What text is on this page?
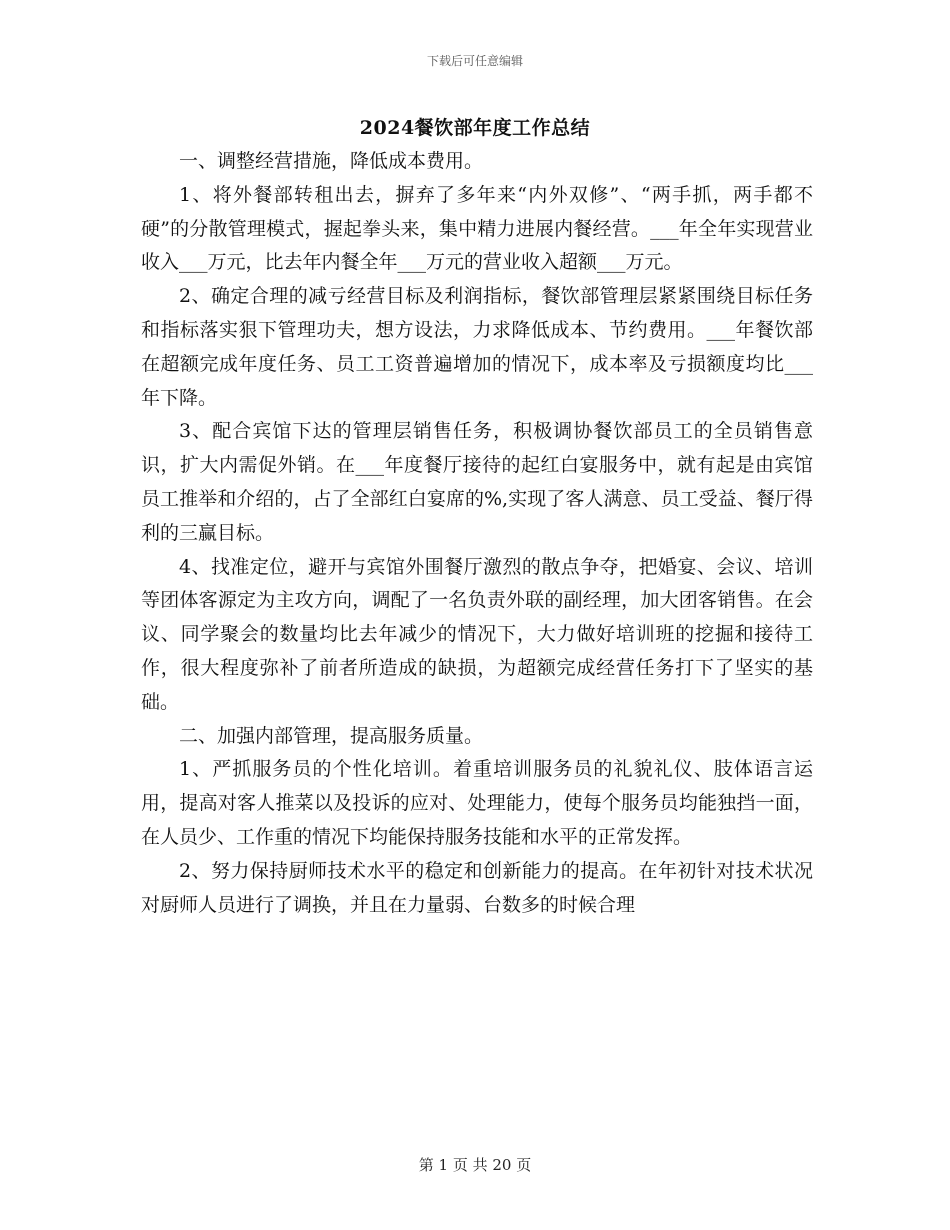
下载后可任意编辑
2024餐饮部年度工作总结

一、调整经营措施，降低成本费用。

1、将外餐部转租出去，摒弃了多年来“内外双修”、“两手抓，两手都不硬”的分散管理模式，握起拳头来，集中精力进展内餐经营。___年全年实现营业收入___万元，比去年内餐全年___万元的营业收入超额___万元。

2、确定合理的减亏经营目标及利润指标，餐饮部管理层紧紧围绕目标任务和指标落实狠下管理功夫，想方设法，力求降低成本、节约费用。___年餐饮部在超额完成年度任务、员工工资普遍增加的情况下，成本率及亏损额度均比___年下降。

3、配合宾馆下达的管理层销售任务，积极调协餐饮部员工的全员销售意识，扩大内需促外销。在___年度餐厅接待的起红白宴服务中，就有起是由宾馆员工推举和介绍的，占了全部红白宴席的%,实现了客人满意、员工受益、餐厅得利的三赢目标。

4、找准定位，避开与宾馆外围餐厅激烈的散点争夺，把婚宴、会议、培训等团体客源定为主攻方向，调配了一名负责外联的副经理，加大团客销售。在会议、同学聚会的数量均比去年减少的情况下，大力做好培训班的挖掘和接待工作，很大程度弥补了前者所造成的缺损，为超额完成经营任务打下了坚实的基础。

二、加强内部管理，提高服务质量。

1、严抓服务员的个性化培训。着重培训服务员的礼貌礼仪、肢体语言运用，提高对客人推菜以及投诉的应对、处理能力，使每个服务员均能独挡一面，在人员少、工作重的情况下均能保持服务技能和水平的正常发挥。

2、努力保持厨师技术水平的稳定和创新能力的提高。在年初针对技术状况对厨师人员进行了调换，并且在力量弱、台数多的时候合理

第 1 页 共 20 页
